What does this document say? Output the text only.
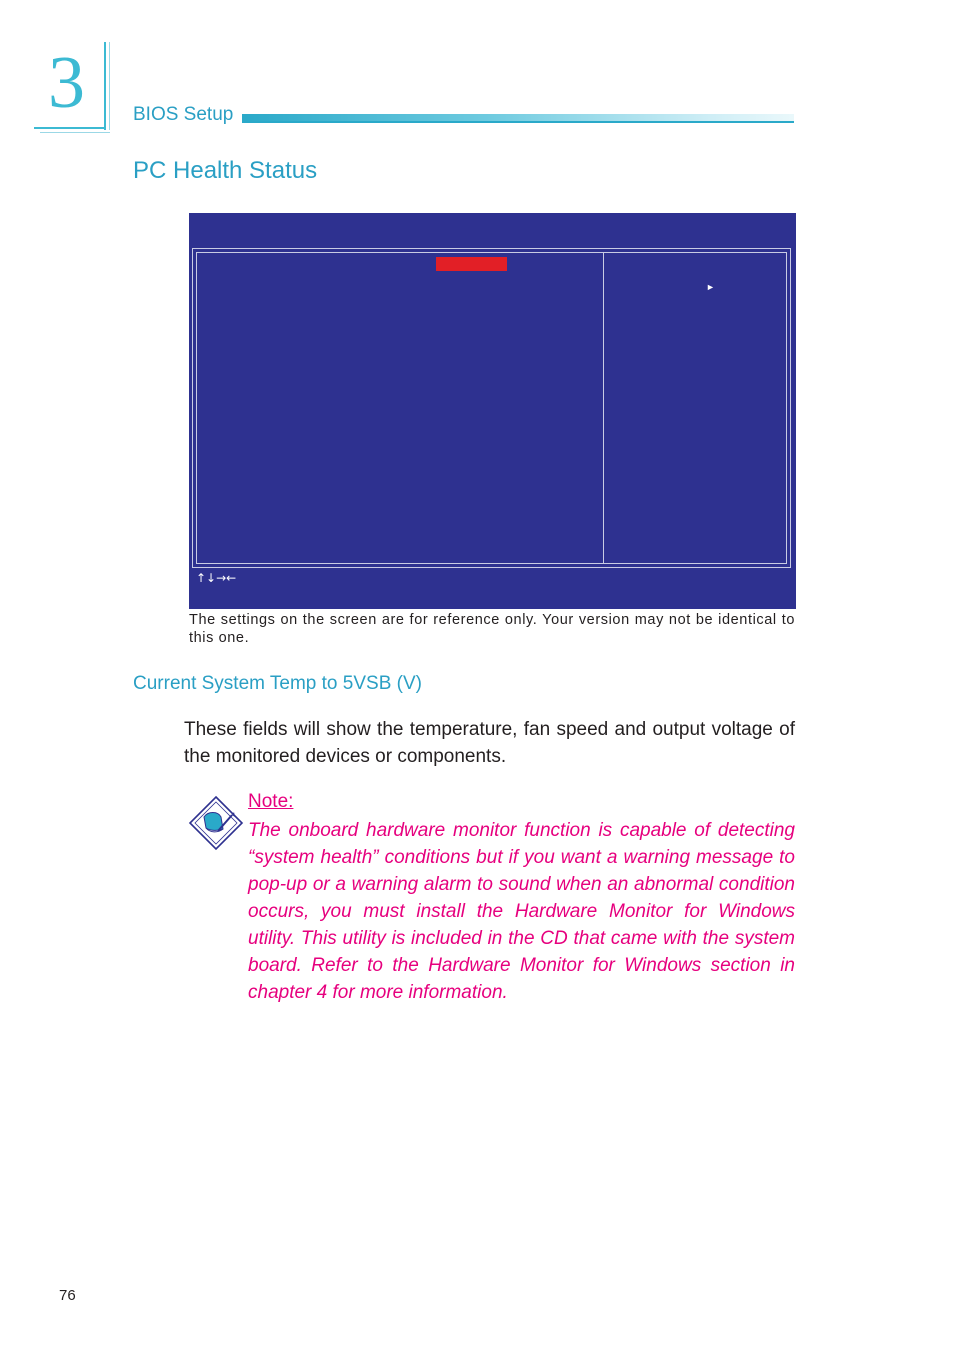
3	BIOS Setup
PC Health Status
►
↑↓→←
The settings on the screen are for reference only. Your version may not be identical to this one.
Current System Temp to 5VSB (V)
These fields will show the temperature, fan speed and output voltage of the monitored devices or components.
Note:
The onboard hardware monitor function is capable of detecting “system health” conditions but if you want a warning message to pop-up or a warning alarm to sound when an abnormal condition occurs, you must install the Hardware Monitor for Windows utility. This utility is included in the CD that came with the system board. Refer to the Hardware Monitor for Windows section in chapter 4 for more information.
76
